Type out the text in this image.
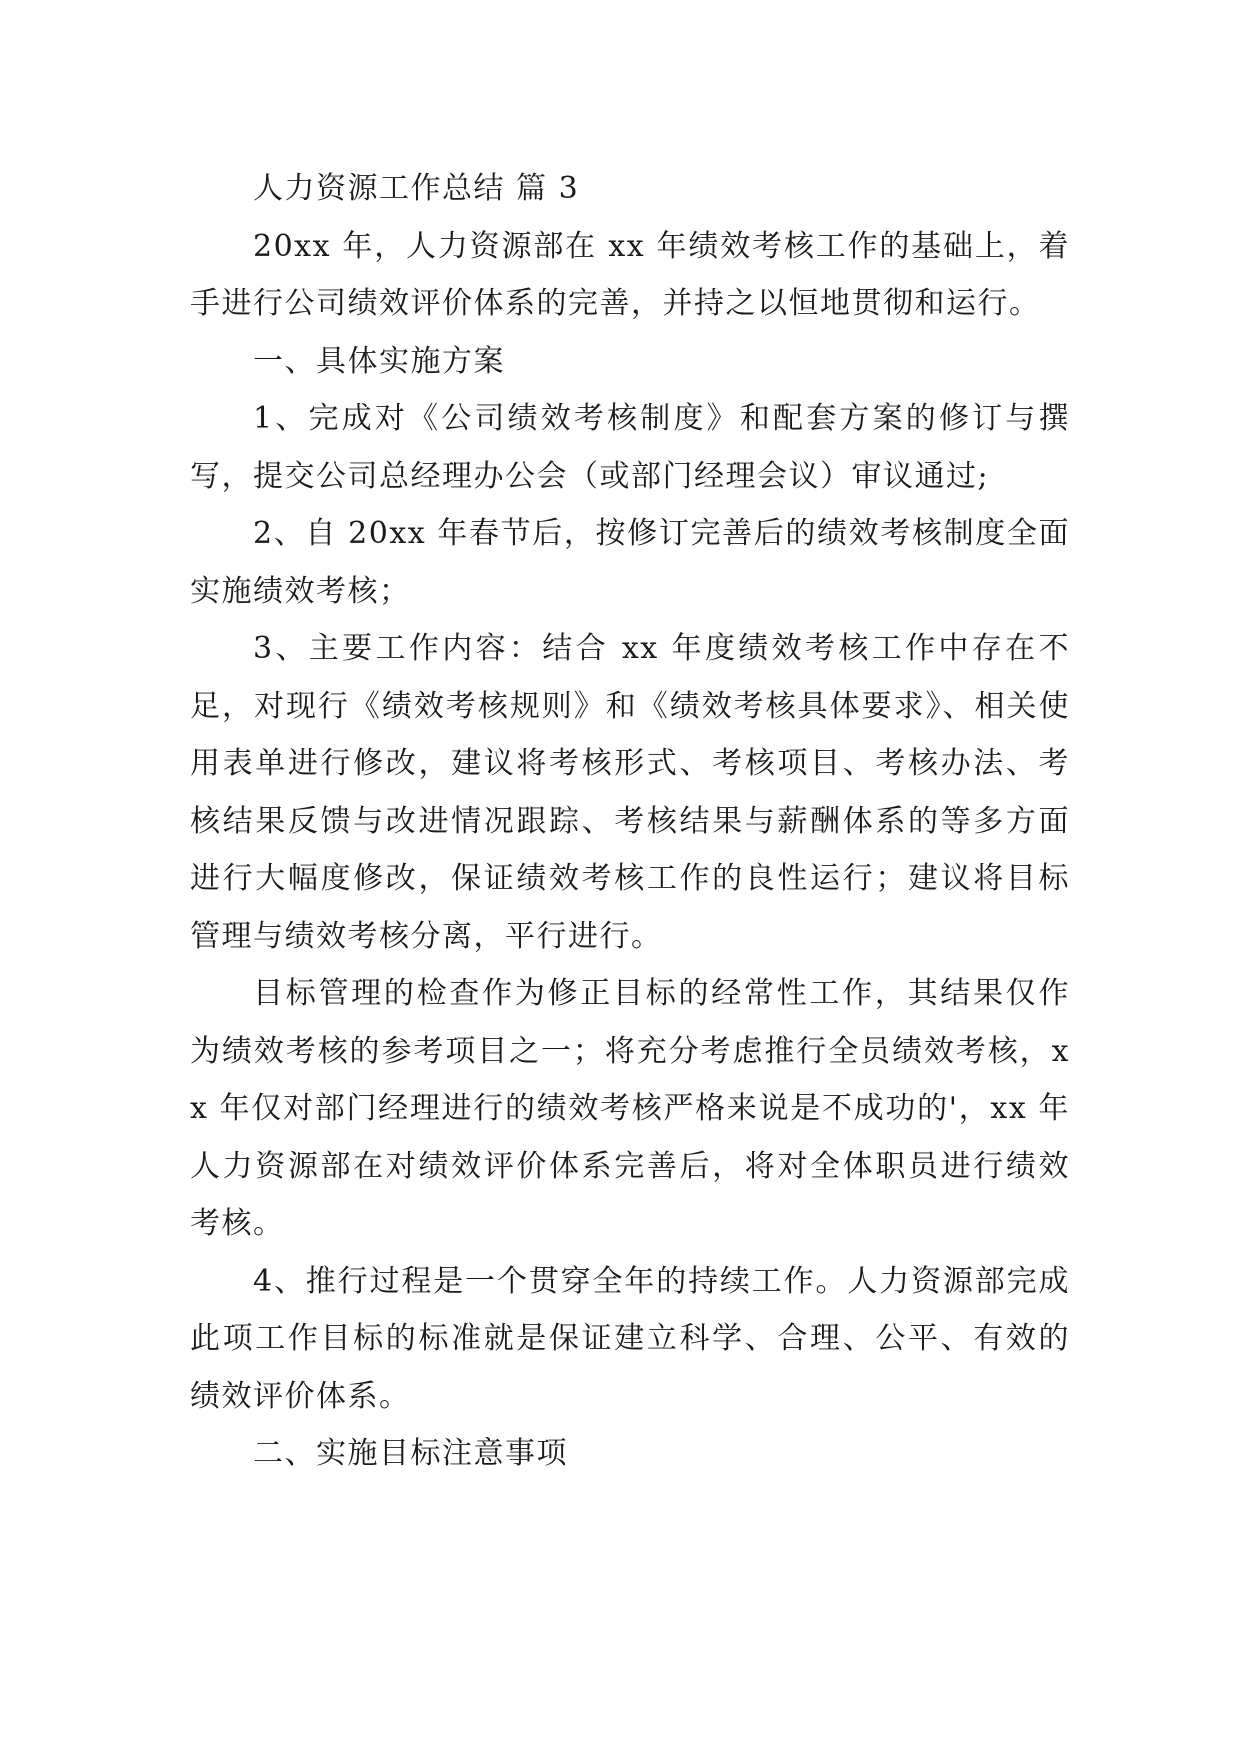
人力资源工作总结 篇 3

20xx 年，人力资源部在 xx 年绩效考核工作的基础上，着手进行公司绩效评价体系的完善，并持之以恒地贯彻和运行。

一、具体实施方案

1、完成对《公司绩效考核制度》和配套方案的修订与撰写，提交公司总经理办公会（或部门经理会议）审议通过;

2、自 20xx 年春节后，按修订完善后的绩效考核制度全面实施绩效考核；

3、主要工作内容：结合 xx 年度绩效考核工作中存在不足，对现行《绩效考核规则》和《绩效考核具体要求》、相关使用表单进行修改，建议将考核形式、考核项目、考核办法、考核结果反馈与改进情况跟踪、考核结果与薪酬体系的等多方面进行大幅度修改，保证绩效考核工作的良性运行；建议将目标管理与绩效考核分离，平行进行。

目标管理的检查作为修正目标的经常性工作，其结果仅作为绩效考核的参考项目之一；将充分考虑推行全员绩效考核，xx 年仅对部门经理进行的绩效考核严格来说是不成功的'，xx 年人力资源部在对绩效评价体系完善后，将对全体职员进行绩效考核。

4、推行过程是一个贯穿全年的持续工作。人力资源部完成此项工作目标的标准就是保证建立科学、合理、公平、有效的绩效评价体系。

二、实施目标注意事项
